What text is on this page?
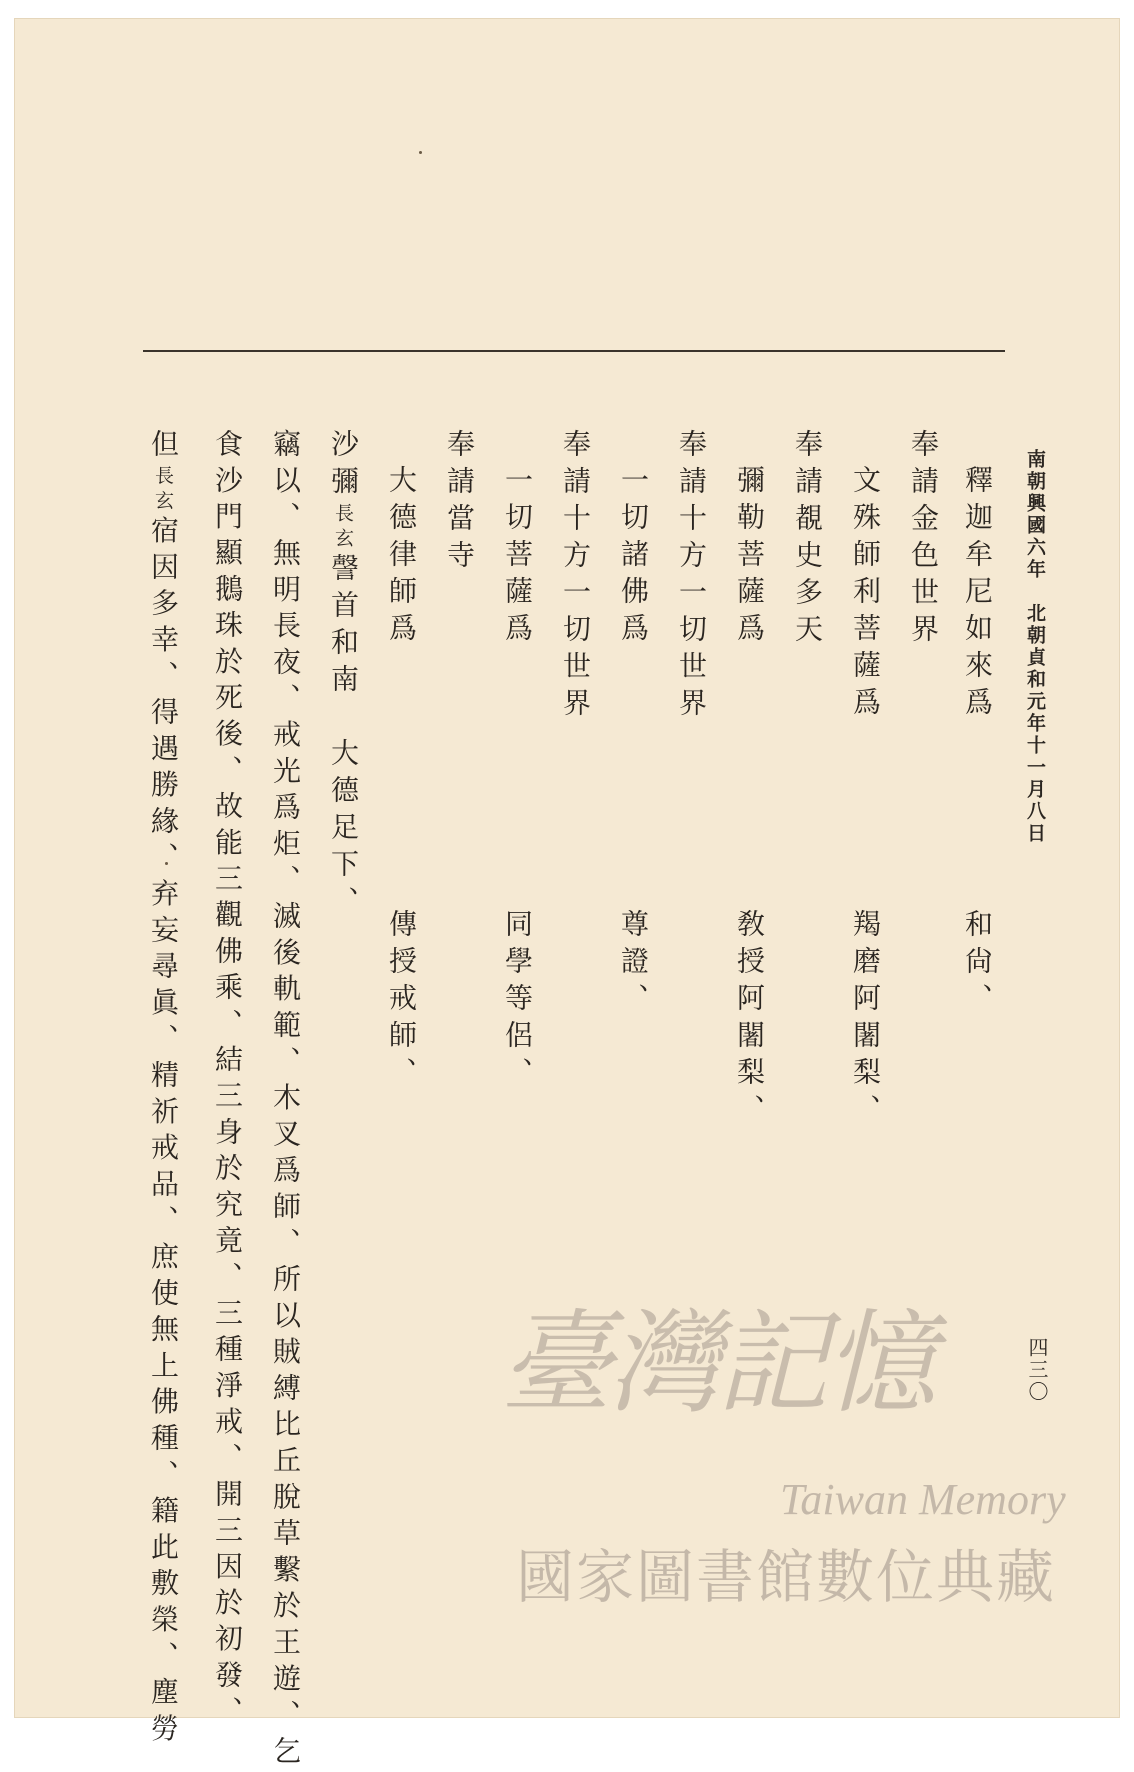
南朝興國六年　北朝貞和元年十一月八日
釋迦牟尼如來爲　　　　　和尙、
奉請金色世界
文殊師利菩薩爲　　　　　羯磨阿闍梨、
奉請覩史多天
彌勒菩薩爲　　　　　　　敎授阿闍梨、
奉請十方一切世界
一切諸佛爲　　　　　　　尊證、
奉請十方一切世界
一切菩薩爲　　　　　　　同學等侶、
奉請當寺
大德律師爲　　　　　　　傳授戒師、
沙彌長玄謦首和南　大德足下、
竊以、無明長夜、戒光爲炬、滅後軌範、木叉爲師、所以賊縛比丘脫草繫於王遊、乞
食沙門顯鵝珠於死後、故能三觀佛乘、結三身於究竟、三種淨戒、開三因於初發、
但長玄宿因多幸、得遇勝緣、弃妄尋眞、精祈戒品、庶使無上佛種、籍此敷榮、塵勞	四三〇
臺灣記憶
Taiwan Memory
國家圖書館數位典藏
